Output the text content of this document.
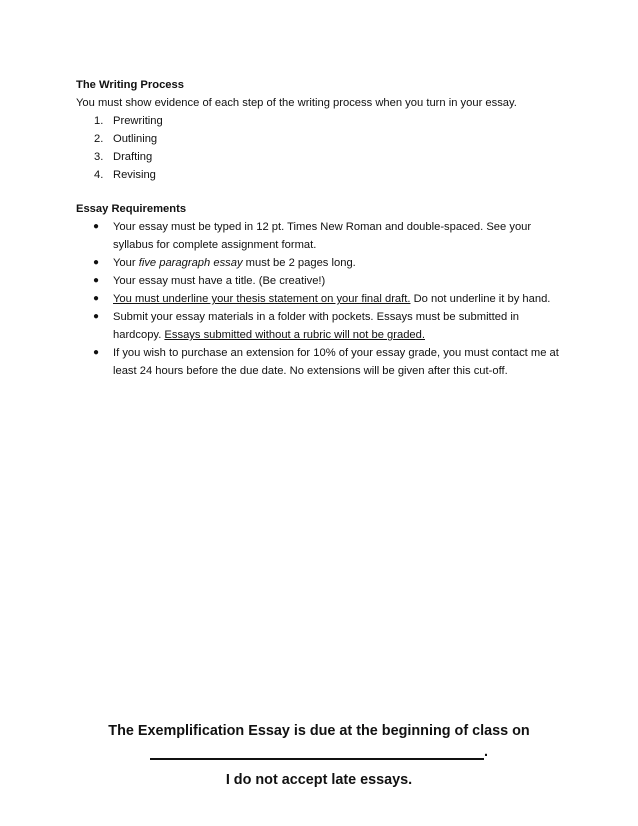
The Writing Process

You must show evidence of each step of the writing process when you turn in your essay.

1. Prewriting
2. Outlining
3. Drafting
4. Revising

Essay Requirements

● Your essay must be typed in 12 pt. Times New Roman and double-spaced. See your syllabus for complete assignment format.
● Your five paragraph essay must be 2 pages long.
● Your essay must have a title. (Be creative!)
● You must underline your thesis statement on your final draft. Do not underline it by hand.
● Submit your essay materials in a folder with pockets. Essays must be submitted in hardcopy. Essays submitted without a rubric will not be graded.
● If you wish to purchase an extension for 10% of your essay grade, you must contact me at least 24 hours before the due date. No extensions will be given after this cut-off.
The Exemplification Essay is due at the beginning of class on
.
I do not accept late essays.
